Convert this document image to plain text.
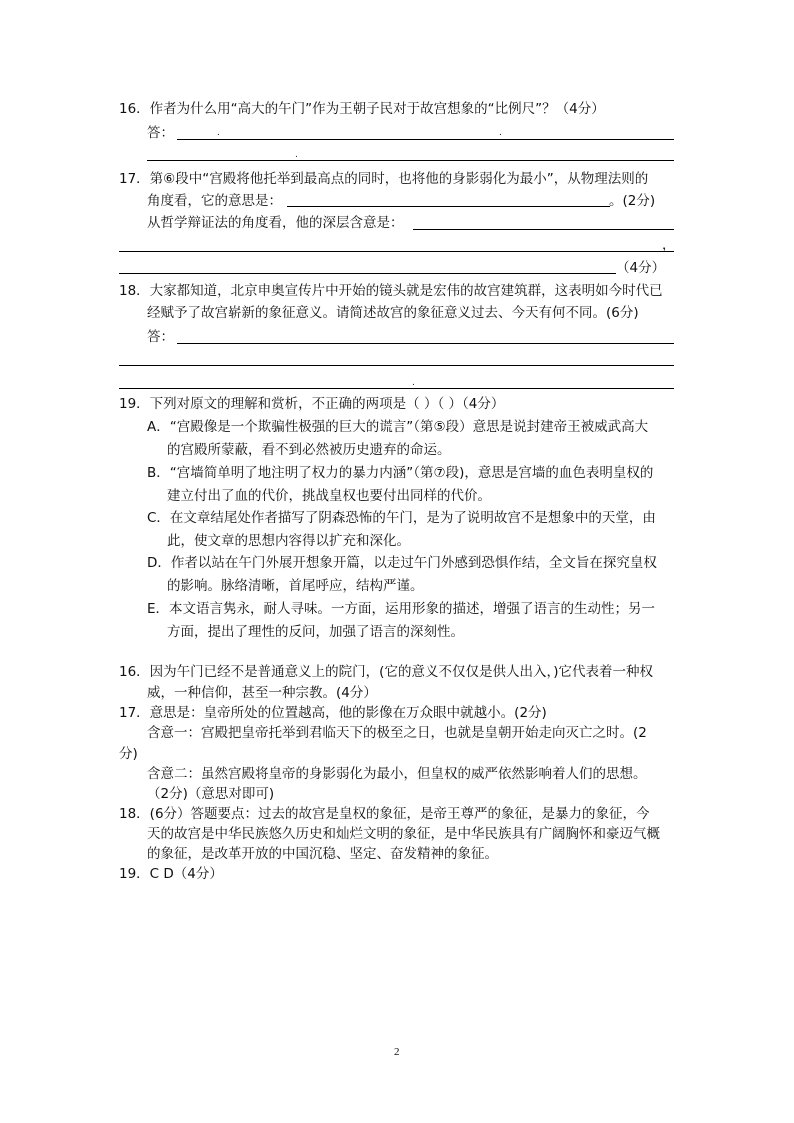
16．作者为什么用“高大的午门”作为王朝子民对于故宫想象的“比例尺”？（4分）
答：	.	.
.
17．第⑥段中“宫殿将他托举到最高点的同时，也将他的身影弱化为最小”，从物理法则的
角度看，它的意思是：	。(2分)
从哲学辩证法的角度看，他的深层含意是：
，
（4分）
18．大家都知道，北京申奥宣传片中开始的镜头就是宏伟的故宫建筑群，这表明如今时代已
经赋予了故宫崭新的象征意义。请简述故宫的象征意义过去、今天有何不同。(6分)
答：
.
19．下列对原文的理解和赏析，不正确的两项是（ ）（ ）（4分）
A．“宫殿像是一个欺骗性极强的巨大的谎言”（第⑤段）意思是说封建帝王被威武高大
的宫殿所蒙蔽，看不到必然被历史遗弃的命运。
B．“宫墙简单明了地注明了权力的暴力内涵”（第⑦段)，意思是宫墙的血色表明皇权的
建立付出了血的代价，挑战皇权也要付出同样的代价。
C．在文章结尾处作者描写了阴森恐怖的午门，是为了说明故宫不是想象中的天堂，由
此，使文章的思想内容得以扩充和深化。
D．作者以站在午门外展开想象开篇，以走过午门外感到恐惧作结，全文旨在探究皇权
的影响。脉络清晰，首尾呼应，结构严谨。
E．本文语言隽永，耐人寻味。一方面，运用形象的描述，增强了语言的生动性；另一
方面，提出了理性的反问，加强了语言的深刻性。
16．因为午门已经不是普通意义上的院门，(它的意义不仅仅是供人出入，)它代表着一种权
威，一种信仰，甚至一种宗教。(4分）
17．意思是：皇帝所处的位置越高，他的影像在万众眼中就越小。(2分)
含意一：宫殿把皇帝托举到君临天下的极至之日，也就是皇朝开始走向灭亡之时。(2
分)
含意二：虽然宫殿将皇帝的身影弱化为最小，但皇权的威严依然影响着人们的思想。
（2分)（意思对即可)
18．(6分）答题要点：过去的故宫是皇权的象征，是帝王尊严的象征，是暴力的象征，今
天的故宫是中华民族悠久历史和灿烂文明的象征，是中华民族具有广阔胸怀和豪迈气概
的象征，是改革开放的中国沉稳、坚定、奋发精神的象征。
19．C D（4分）
2
